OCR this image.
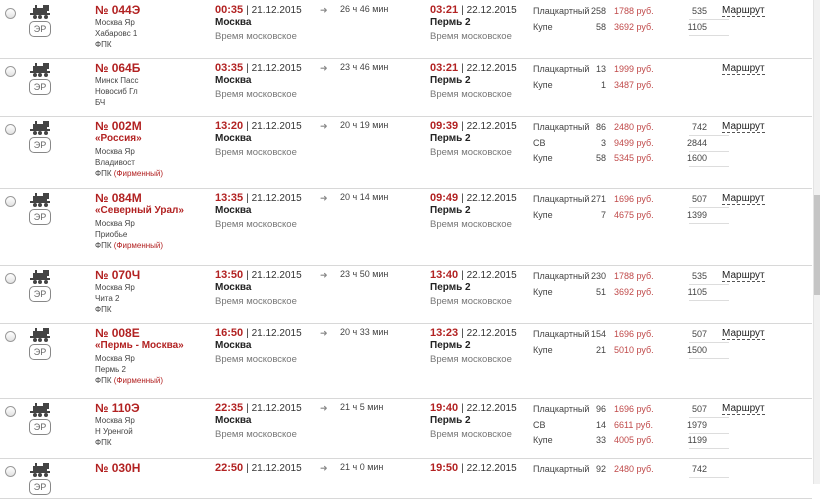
ЭР
№ 044Э
Москва Яр
Хабаровс 1
ФПК
00:35 | 21.12.2015
Москва
Время московское
➜ 26 ч 46 мин	03:21 | 22.12.2015
Пермь 2
Время московское
Плацкартный 258 1788 руб.	535
Купе	58 3692 руб.	1105
Маршрут
ЭР
№ 064Б
Минск Пасс
Новосиб Гл
БЧ
03:35 | 21.12.2015
Москва
Время московское
➜ 23 ч 46 мин	03:21 | 22.12.2015
Пермь 2
Время московское
Плацкартный 13 1999 руб.
Купе	1 3487 руб.
Маршрут
ЭР
№ 002М
«Россия»
Москва Яр
Владивост
ФПК (Фирменный)
13:20 | 21.12.2015
Москва
Время московское
➜ 20 ч 19 мин	09:39 | 22.12.2015
Пермь 2
Время московское
Плацкартный 86 2480 руб.	742
СВ	3 9499 руб.	2844
Купе	58 5345 руб.	1600
Маршрут
ЭР
№ 084М
«Северный Урал»
Москва Яр
Приобье
ФПК (Фирменный)
13:35 | 21.12.2015
Москва
Время московское
➜ 20 ч 14 мин	09:49 | 22.12.2015
Пермь 2
Время московское
Плацкартный 271 1696 руб.	507
Купе	7 4675 руб.	1399
Маршрут
ЭР
№ 070Ч
Москва Яр
Чита 2
ФПК
13:50 | 21.12.2015
Москва
Время московское
➜ 23 ч 50 мин	13:40 | 22.12.2015
Пермь 2
Время московское
Плацкартный 230 1788 руб.	535
Купе	51 3692 руб.	1105
Маршрут
ЭР
№ 008Е
«Пермь - Москва»
Москва Яр
Пермь 2
ФПК (Фирменный)
16:50 | 21.12.2015
Москва
Время московское
➜ 20 ч 33 мин	13:23 | 22.12.2015
Пермь 2
Время московское
Плацкартный 154 1696 руб.	507
Купе	21 5010 руб.	1500
Маршрут
ЭР
№ 110Э
Москва Яр
Н Уренгой
ФПК
22:35 | 21.12.2015
Москва
Время московское
➜ 21 ч 5 мин	19:40 | 22.12.2015
Пермь 2
Время московское
Плацкартный 96 1696 руб.	507
СВ	14 6611 руб.	1979
Купе	33 4005 руб.	1199
Маршрут
ЭР
№ 030Н	22:50 | 21.12.2015 ➜ 21 ч 0 мин	19:50 | 22.12.2015 Плацкартный 92 2480 руб.	742
